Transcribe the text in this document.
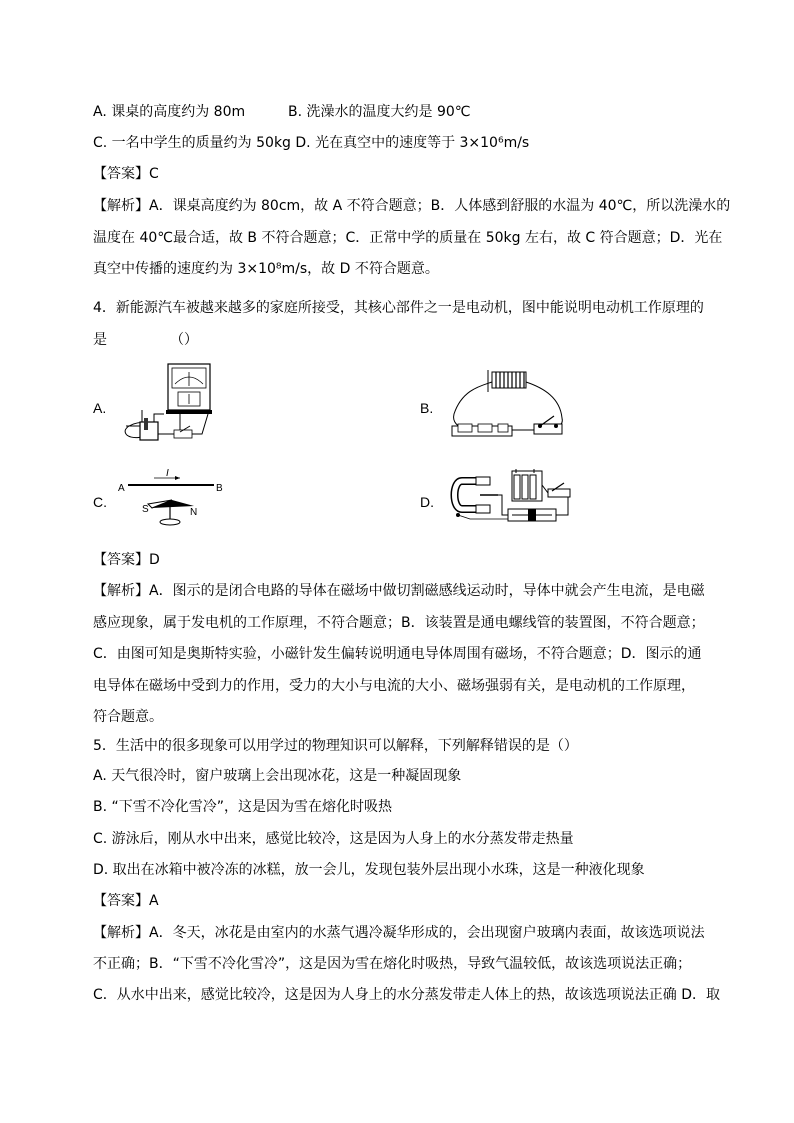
A. 课桌的高度约为 80m	B. 洗澡水的温度大约是 90℃
C. 一名中学生的质量约为 50kg D. 光在真空中的速度等于 3×10⁶m/s
【答案】C
【解析】A．课桌高度约为 80cm，故 A 不符合题意；B．人体感到舒服的水温为 40℃，所以洗澡水的
温度在 40℃最合适，故 B 不符合题意；C．正常中学的质量在 50kg 左右，故 C 符合题意；D．光在
真空中传播的速度约为 3×10⁸m/s，故 D 不符合题意。
4．新能源汽车被越来越多的家庭所接受，其核心部件之一是电动机，图中能说明电动机工作原理的
是　　　　　（）
A.	B.
C.	D.
A	B
I
S	N
【答案】D
【解析】A．图示的是闭合电路的导体在磁场中做切割磁感线运动时，导体中就会产生电流，是电磁
感应现象，属于发电机的工作原理，不符合题意；B．该装置是通电螺线管的装置图，不符合题意；
C．由图可知是奥斯特实验，小磁针发生偏转说明通电导体周围有磁场，不符合题意；D．图示的通
电导体在磁场中受到力的作用，受力的大小与电流的大小、磁场强弱有关，是电动机的工作原理，
符合题意。
5．生活中的很多现象可以用学过的物理知识可以解释，下列解释错误的是（）
A. 天气很冷时，窗户玻璃上会出现冰花，这是一种凝固现象
B. “下雪不冷化雪冷”，这是因为雪在熔化时吸热
C. 游泳后，刚从水中出来，感觉比较冷，这是因为人身上的水分蒸发带走热量
D. 取出在冰箱中被冷冻的冰糕，放一会儿，发现包装外层出现小水珠，这是一种液化现象
【答案】A
【解析】A．冬天，冰花是由室内的水蒸气遇冷凝华形成的，会出现窗户玻璃内表面，故该选项说法
不正确；B．“下雪不冷化雪冷”，这是因为雪在熔化时吸热，导致气温较低，故该选项说法正确；
C．从水中出来，感觉比较冷，这是因为人身上的水分蒸发带走人体上的热，故该选项说法正确 D．取
